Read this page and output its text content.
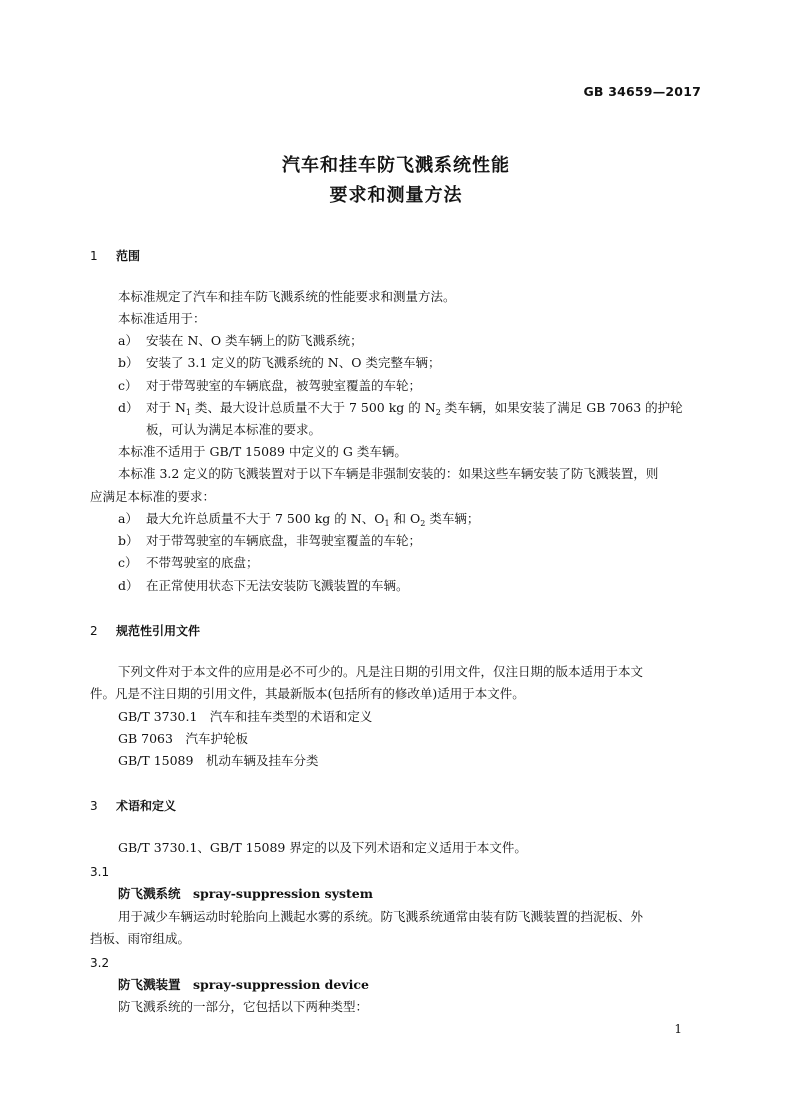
GB 34659—2017
汽车和挂车防飞溅系统性能
要求和测量方法
1 范围
本标准规定了汽车和挂车防飞溅系统的性能要求和测量方法。
本标准适用于：
a） 安装在 N、O 类车辆上的防飞溅系统；
b） 安装了 3.1 定义的防飞溅系统的 N、O 类完整车辆；
c） 对于带驾驶室的车辆底盘，被驾驶室覆盖的车轮；
d） 对于 $N_1$ 类、最大设计总质量不大于 7 500 kg 的 $N_2$ 类车辆，如果安装了满足 GB 7063 的护轮
板，可认为满足本标准的要求。
本标准不适用于 GB/T 15089 中定义的 G 类车辆。
本标准 3.2 定义的防飞溅装置对于以下车辆是非强制安装的：如果这些车辆安装了防飞溅装置，则
应满足本标准的要求：
a） 最大允许总质量不大于 7 500 kg 的 N、$O_1$ 和 $O_2$ 类车辆；
b） 对于带驾驶室的车辆底盘，非驾驶室覆盖的车轮；
c） 不带驾驶室的底盘；
d） 在正常使用状态下无法安装防飞溅装置的车辆。
2 规范性引用文件
下列文件对于本文件的应用是必不可少的。凡是注日期的引用文件，仅注日期的版本适用于本文
件。凡是不注日期的引用文件，其最新版本(包括所有的修改单)适用于本文件。
GB/T 3730.1　汽车和挂车类型的术语和定义
GB 7063　汽车护轮板
GB/T 15089　机动车辆及挂车分类
3 术语和定义
GB/T 3730.1、GB/T 15089 界定的以及下列术语和定义适用于本文件。
3.1
防飞溅系统　spray-suppression system
用于减少车辆运动时轮胎向上溅起水雾的系统。防飞溅系统通常由装有防飞溅装置的挡泥板、外
挡板、雨帘组成。
3.2
防飞溅装置　spray-suppression device
防飞溅系统的一部分，它包括以下两种类型：
1
